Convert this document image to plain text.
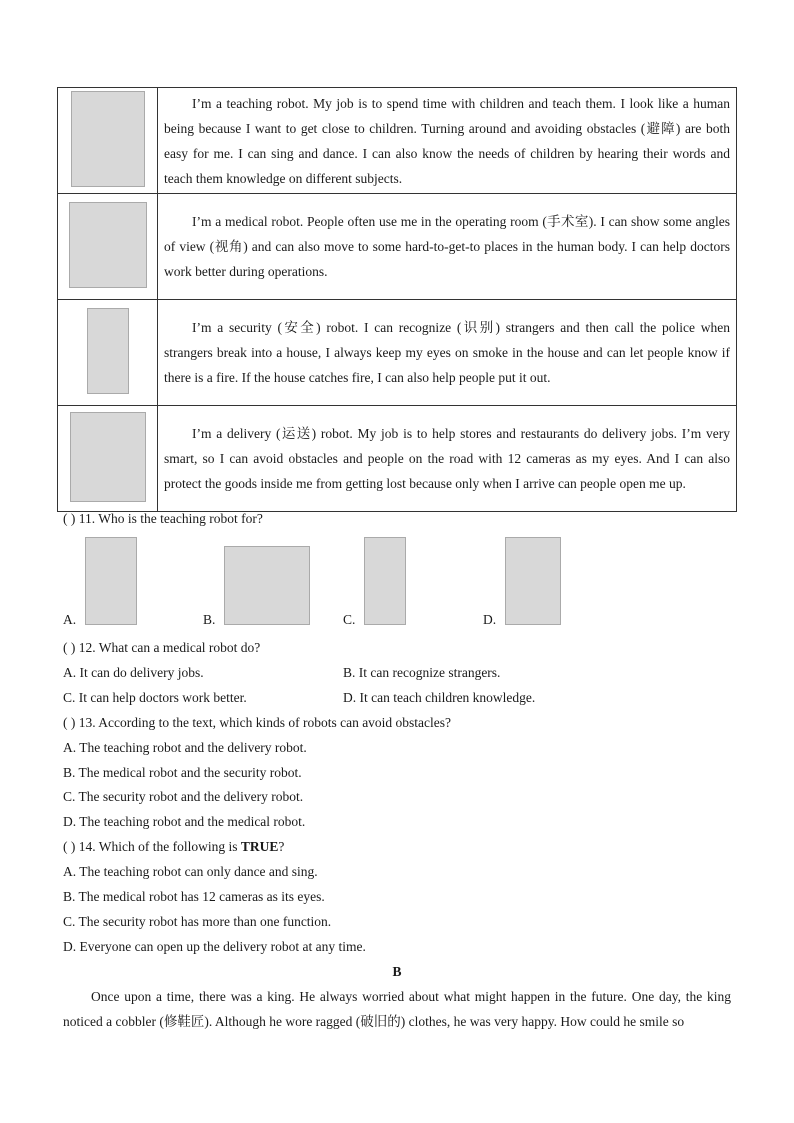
	I’m a teaching robot. My job is to spend time with children and teach them. I look like a human being because I want to get close to children. Turning around and avoiding obstacles (避障) are both easy for me. I can sing and dance. I can also know the needs of children by hearing their words and teach them knowledge on different subjects.

	I’m a medical robot. People often use me in the operating room (手术室). I can show some angles of view (视角) and can also move to some hard-to-get-to places in the human body. I can help doctors work better during operations.

	I’m a security (安全) robot. I can recognize (识别) strangers and then call the police when strangers break into a house, I always keep my eyes on smoke in the house and can let people know if there is a fire. If the house catches fire, I can also help people put it out.

	I’m a delivery (运送) robot. My job is to help stores and restaurants do delivery jobs. I’m very smart, so I can avoid obstacles and people on the road with 12 cameras as my eyes. And I can also protect the goods inside me from getting lost because only when I arrive can people open me up.

( ) 11. Who is the teaching robot for?
A.	B.	C.	D.
( ) 12. What can a medical robot do?
A. It can do delivery jobs.	B. It can recognize strangers.
C. It can help doctors work better.	D. It can teach children knowledge.
( ) 13. According to the text, which kinds of robots can avoid obstacles?
A. The teaching robot and the delivery robot.
B. The medical robot and the security robot.
C. The security robot and the delivery robot.
D. The teaching robot and the medical robot.
( ) 14. Which of the following is TRUE?
A. The teaching robot can only dance and sing.
B. The medical robot has 12 cameras as its eyes.
C. The security robot has more than one function.
D. Everyone can open up the delivery robot at any time.
B

Once upon a time, there was a king. He always worried about what might happen in the future. One day, the king noticed a cobbler (修鞋匠). Although he wore ragged (破旧的) clothes, he was very happy. How could he smile so
